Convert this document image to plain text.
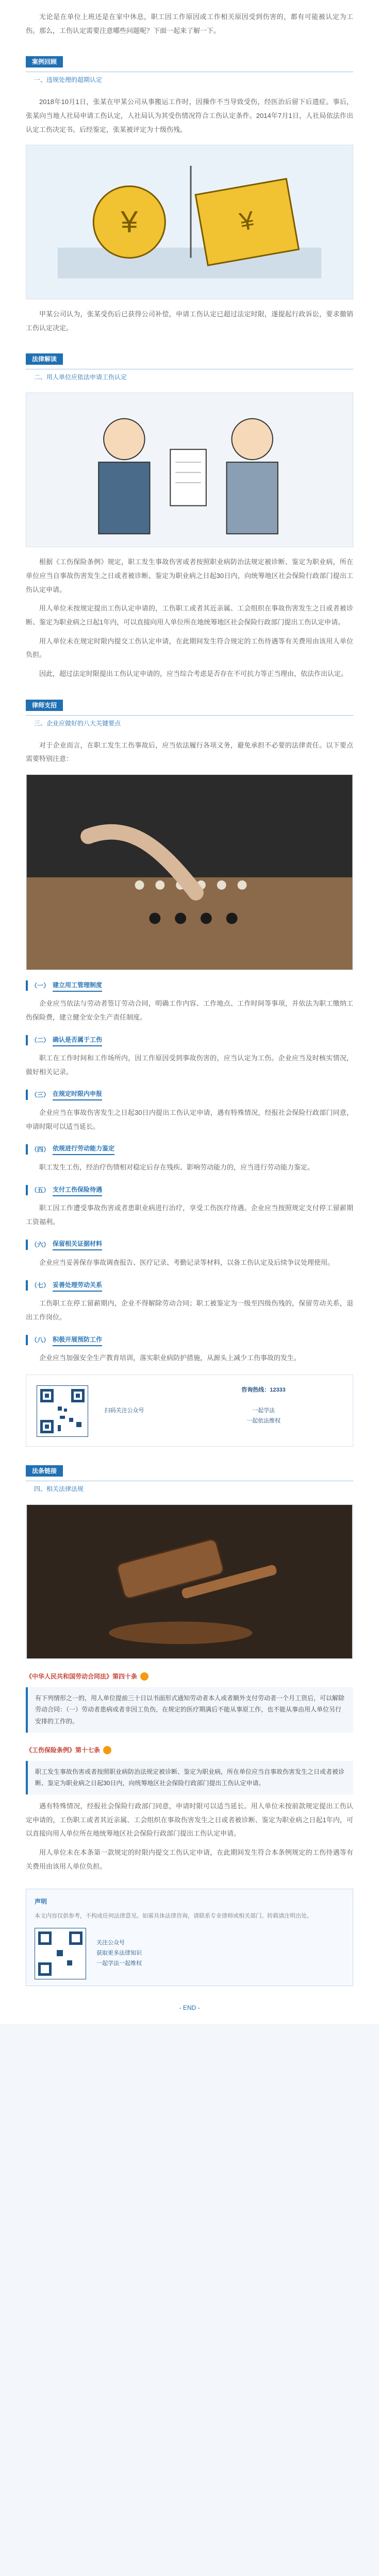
无论是在单位上班还是在家中休息，职工因工作原因或工作相关原因受到伤害的，都有可能被认定为工伤。那么，工伤认定需要注意哪些问题呢？下面一起来了解一下。

案例回顾
一、违规处理的超期认定

2018年10月1日，张某在甲某公司从事搬运工作时，因操作不当导致受伤，经医治后留下后遗症。事后，张某向当地人社局申请工伤认定，人社局认为其受伤情况符合工伤认定条件。2014年7月1日，人社局依法作出认定工伤决定书。后经鉴定，张某被评定为十级伤残。

¥	¥

甲某公司认为，张某受伤后已获得公司补偿，申请工伤认定已超过法定时限，遂提起行政诉讼，要求撤销工伤认定决定。

法律解读
二、用人单位应依法申请工伤认定

根据《工伤保险条例》规定，职工发生事故伤害或者按照职业病防治法规定被诊断、鉴定为职业病，所在单位应当自事故伤害发生之日或者被诊断、鉴定为职业病之日起30日内，向统筹地区社会保险行政部门提出工伤认定申请。

用人单位未按规定提出工伤认定申请的，工伤职工或者其近亲属、工会组织在事故伤害发生之日或者被诊断、鉴定为职业病之日起1年内，可以直接向用人单位所在地统筹地区社会保险行政部门提出工伤认定申请。

用人单位未在规定时限内提交工伤认定申请，在此期间发生符合规定的工伤待遇等有关费用由该用人单位负担。

因此，超过法定时限提出工伤认定申请的，应当综合考虑是否存在不可抗力等正当理由，依法作出认定。

律师支招
三、企业应做好的八大关键要点

对于企业而言，在职工发生工伤事故后，应当依法履行各项义务，避免承担不必要的法律责任。以下要点需要特别注意：

（一） 建立用工管理制度

企业应当依法与劳动者签订劳动合同，明确工作内容、工作地点、工作时间等事项，并依法为职工缴纳工伤保险费，建立健全安全生产责任制度。

（二） 确认是否属于工伤

职工在工作时间和工作场所内，因工作原因受到事故伤害的，应当认定为工伤。企业应当及时核实情况，做好相关记录。

（三） 在规定时限内申报

企业应当在事故伤害发生之日起30日内提出工伤认定申请，遇有特殊情况，经报社会保险行政部门同意，申请时限可以适当延长。

（四） 依规进行劳动能力鉴定

职工发生工伤，经治疗伤情相对稳定后存在残疾、影响劳动能力的，应当进行劳动能力鉴定。

（五） 支付工伤保险待遇

职工因工作遭受事故伤害或者患职业病进行治疗，享受工伤医疗待遇。企业应当按照规定支付停工留薪期工资福利。

（六） 保留相关证据材料

企业应当妥善保存事故调查报告、医疗记录、考勤记录等材料，以备工伤认定及后续争议处理使用。

（七） 妥善处理劳动关系

工伤职工在停工留薪期内，企业不得解除劳动合同；职工被鉴定为一级至四级伤残的，保留劳动关系，退出工作岗位。

（八） 积极开展预防工作

企业应当加强安全生产教育培训，落实职业病防护措施，从源头上减少工伤事故的发生。

扫码关注公众号
咨询热线：12333
一起学法
一起依法维权
法条链接
四、相关法律法规
《中华人民共和国劳动合同法》第四十条
有下列情形之一的，用人单位提前三十日以书面形式通知劳动者本人或者额外支付劳动者一个月工资后，可以解除劳动合同：（一）劳动者患病或者非因工负伤，在规定的医疗期满后不能从事原工作，也不能从事由用人单位另行安排的工作的。
《工伤保险条例》第十七条
职工发生事故伤害或者按照职业病防治法规定被诊断、鉴定为职业病，所在单位应当自事故伤害发生之日或者被诊断、鉴定为职业病之日起30日内，向统筹地区社会保险行政部门提出工伤认定申请。

遇有特殊情况，经报社会保险行政部门同意，申请时限可以适当延长。用人单位未按前款规定提出工伤认定申请的，工伤职工或者其近亲属、工会组织在事故伤害发生之日或者被诊断、鉴定为职业病之日起1年内，可以直接向用人单位所在地统筹地区社会保险行政部门提出工伤认定申请。

用人单位未在本条第一款规定的时限内提交工伤认定申请，在此期间发生符合本条例规定的工伤待遇等有关费用由该用人单位负担。

声明
本文内容仅供参考，不构成任何法律意见。如需具体法律咨询，请联系专业律师或相关部门。转载请注明出处。
关注公众号
获取更多法律知识
一起学法一起维权
- END -
